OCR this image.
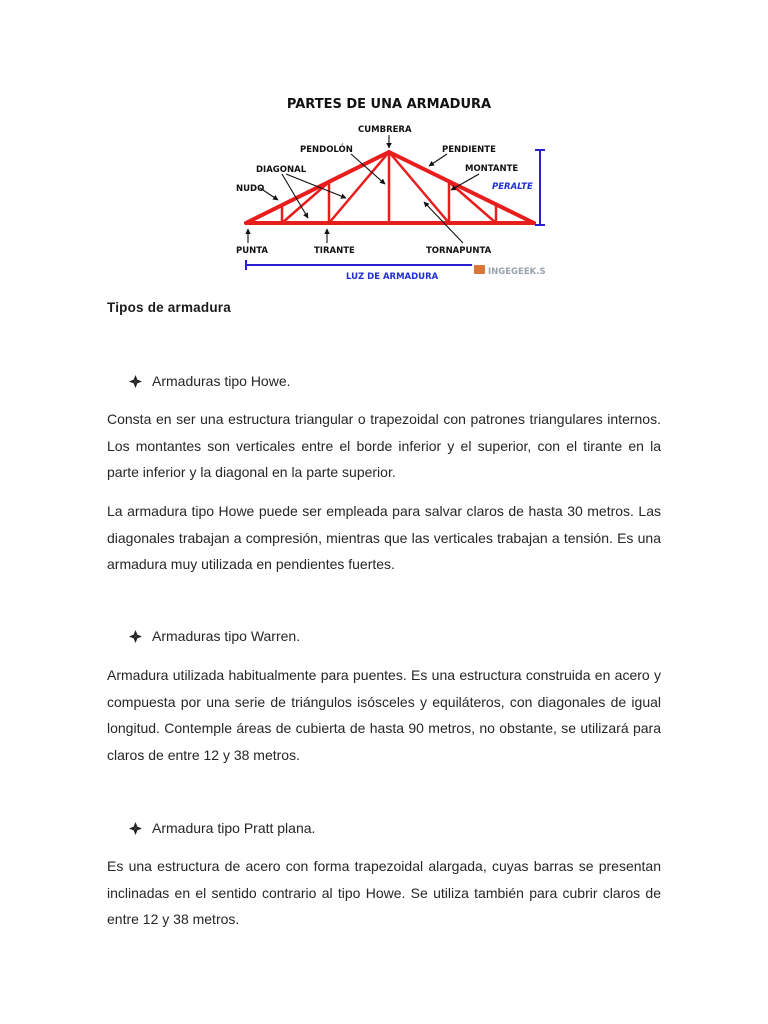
PARTES DE UNA ARMADURA
CUMBRERA
PENDOLÓN	PENDIENTE
DIAGONAL	MONTANTE
NUDO	PERALTE
PUNTA	TIRANTE	TORNAPUNTA
LUZ DE ARMADURA	INGEGEEK.S
Tipos de armadura
Armaduras tipo Howe.

Consta en ser una estructura triangular o trapezoidal con patrones triangulares internos. Los montantes son verticales entre el borde inferior y el superior, con el tirante en la parte inferior y la diagonal en la parte superior.

La armadura tipo Howe puede ser empleada para salvar claros de hasta 30 metros. Las diagonales trabajan a compresión, mientras que las verticales trabajan a tensión. Es una armadura muy utilizada en pendientes fuertes.

Armaduras tipo Warren.

Armadura utilizada habitualmente para puentes. Es una estructura construida en acero y compuesta por una serie de triángulos isósceles y equiláteros, con diagonales de igual longitud. Contemple áreas de cubierta de hasta 90 metros, no obstante, se utilizará para claros de entre 12 y 38 metros.

Armadura tipo Pratt plana.

Es una estructura de acero con forma trapezoidal alargada, cuyas barras se presentan inclinadas en el sentido contrario al tipo Howe. Se utiliza también para cubrir claros de entre 12 y 38 metros.
